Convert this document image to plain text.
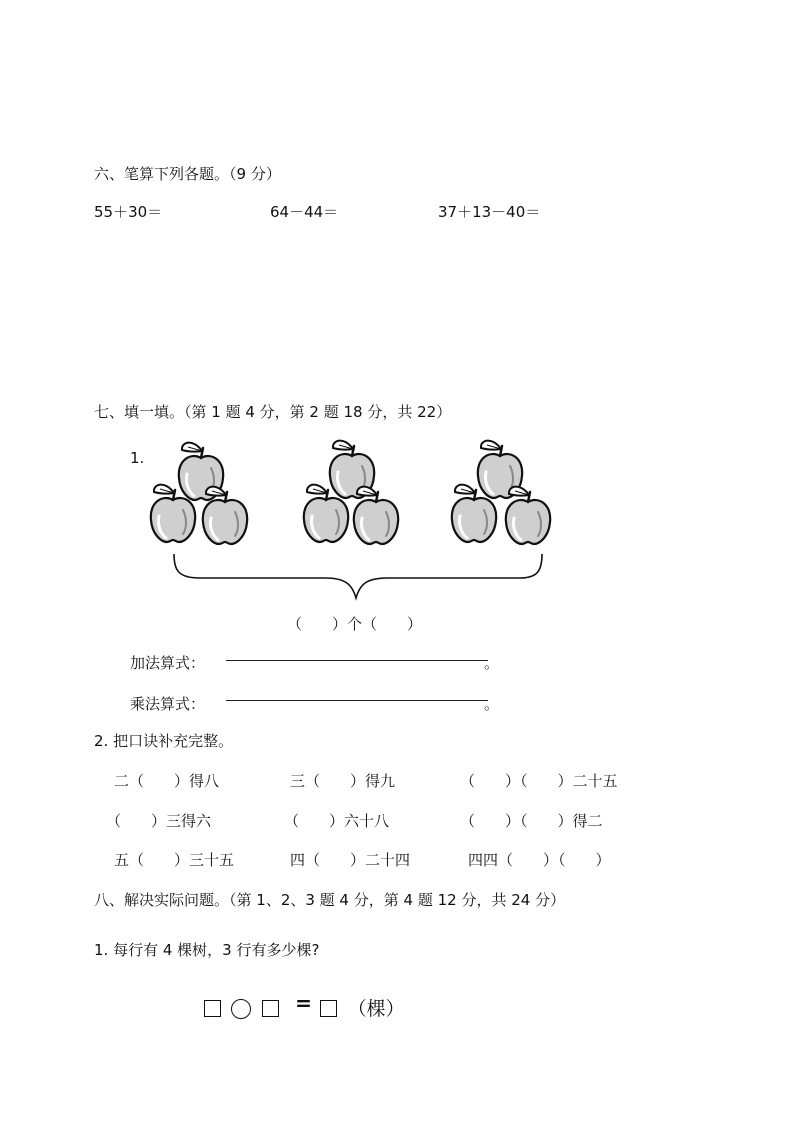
六、笔算下列各题。（9 分）
55＋30＝	64－44＝	37＋13－40＝
七、填一填。（第 1 题 4 分，第 2 题 18 分，共 22）
1.
（　　）个（　　）
加法算式：	。
乘法算式：	。
2. 把口诀补充完整。
二（　　）得八	三（　　）得九	（　　）（　　）二十五
（　　）三得六	（　　）六十八	（　　）（　　）得二
五（　　）三十五	四（　　）二十四	四四（　　）（　　）
八、解决实际问题。（第 1、2、3 题 4 分，第 4 题 12 分，共 24 分）
1. 每行有 4 棵树，3 行有多少棵?
= （棵）
